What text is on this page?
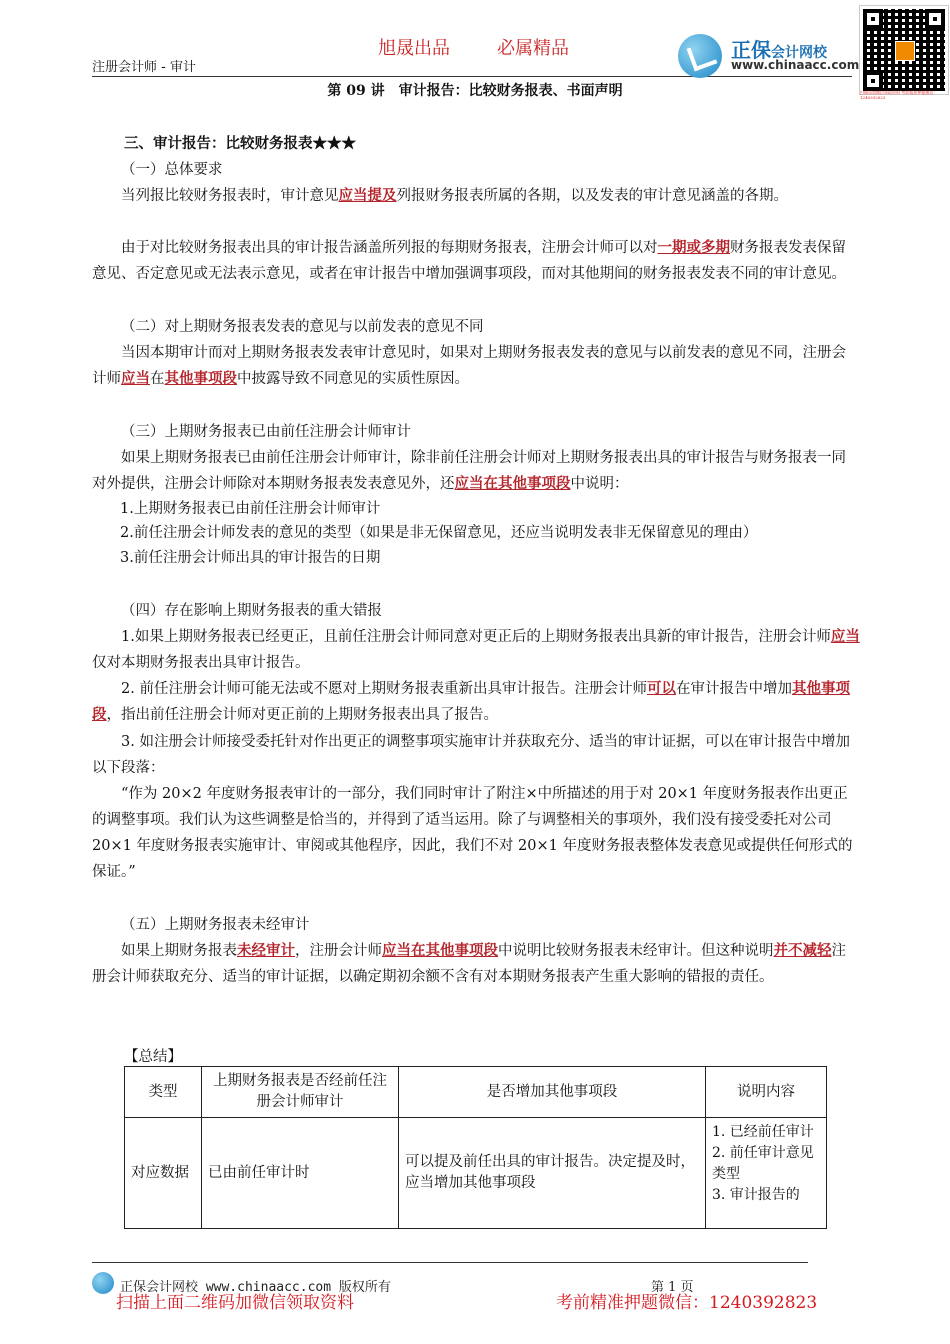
注册会计师 - 审计
旭晟出品	必属精品	正保会计网校
www.chinaacc.com
扫描添加微信领取资料 考前精准押题微信：1240392823
第 09 讲　审计报告：比较财务报表、书面声明
三、审计报告：比较财务报表★★★
（一）总体要求
当列报比较财务报表时，审计意见应当提及列报财务报表所属的各期，以及发表的审计意见涵盖的各期。
由于对比较财务报表出具的审计报告涵盖所列报的每期财务报表，注册会计师可以对一期或多期财务报表发表保留意见、否定意见或无法表示意见，或者在审计报告中增加强调事项段，而对其他期间的财务报表发表不同的审计意见。
（二）对上期财务报表发表的意见与以前发表的意见不同
当因本期审计而对上期财务报表发表审计意见时，如果对上期财务报表发表的意见与以前发表的意见不同，注册会计师应当在其他事项段中披露导致不同意见的实质性原因。
（三）上期财务报表已由前任注册会计师审计
如果上期财务报表已由前任注册会计师审计，除非前任注册会计师对上期财务报表出具的审计报告与财务报表一同对外提供，注册会计师除对本期财务报表发表意见外，还应当在其他事项段中说明：
1.上期财务报表已由前任注册会计师审计
2.前任注册会计师发表的意见的类型（如果是非无保留意见，还应当说明发表非无保留意见的理由）
3.前任注册会计师出具的审计报告的日期
（四）存在影响上期财务报表的重大错报
1.如果上期财务报表已经更正，且前任注册会计师同意对更正后的上期财务报表出具新的审计报告，注册会计师应当仅对本期财务报表出具审计报告。
2. 前任注册会计师可能无法或不愿对上期财务报表重新出具审计报告。注册会计师可以在审计报告中增加其他事项段，指出前任注册会计师对更正前的上期财务报表出具了报告。
3. 如注册会计师接受委托针对作出更正的调整事项实施审计并获取充分、适当的审计证据，可以在审计报告中增加以下段落：
“作为 20×2 年度财务报表审计的一部分，我们同时审计了附注×中所描述的用于对 20×1 年度财务报表作出更正的调整事项。我们认为这些调整是恰当的，并得到了适当运用。除了与调整相关的事项外，我们没有接受委托对公司 20×1 年度财务报表实施审计、审阅或其他程序，因此，我们不对 20×1 年度财务报表整体发表意见或提供任何形式的保证。”
（五）上期财务报表未经审计
如果上期财务报表未经审计，注册会计师应当在其他事项段中说明比较财务报表未经审计。但这种说明并不减轻注册会计师获取充分、适当的审计证据，以确定期初余额不含有对本期财务报表产生重大影响的错报的责任。
【总结】
类型	上期财务报表是否经前任注册会计师审计	是否增加其他事项段	说明内容
对应数据	已由前任审计时	可以提及前任出具的审计报告。决定提及时，应当增加其他事项段	1. 已经前任审计
2. 前任审计意见类型
3. 审计报告的
正保会计网校 www.chinaacc.com 版权所有	第 1 页
扫描上面二维码加微信领取资料	考前精准押题微信：1240392823
